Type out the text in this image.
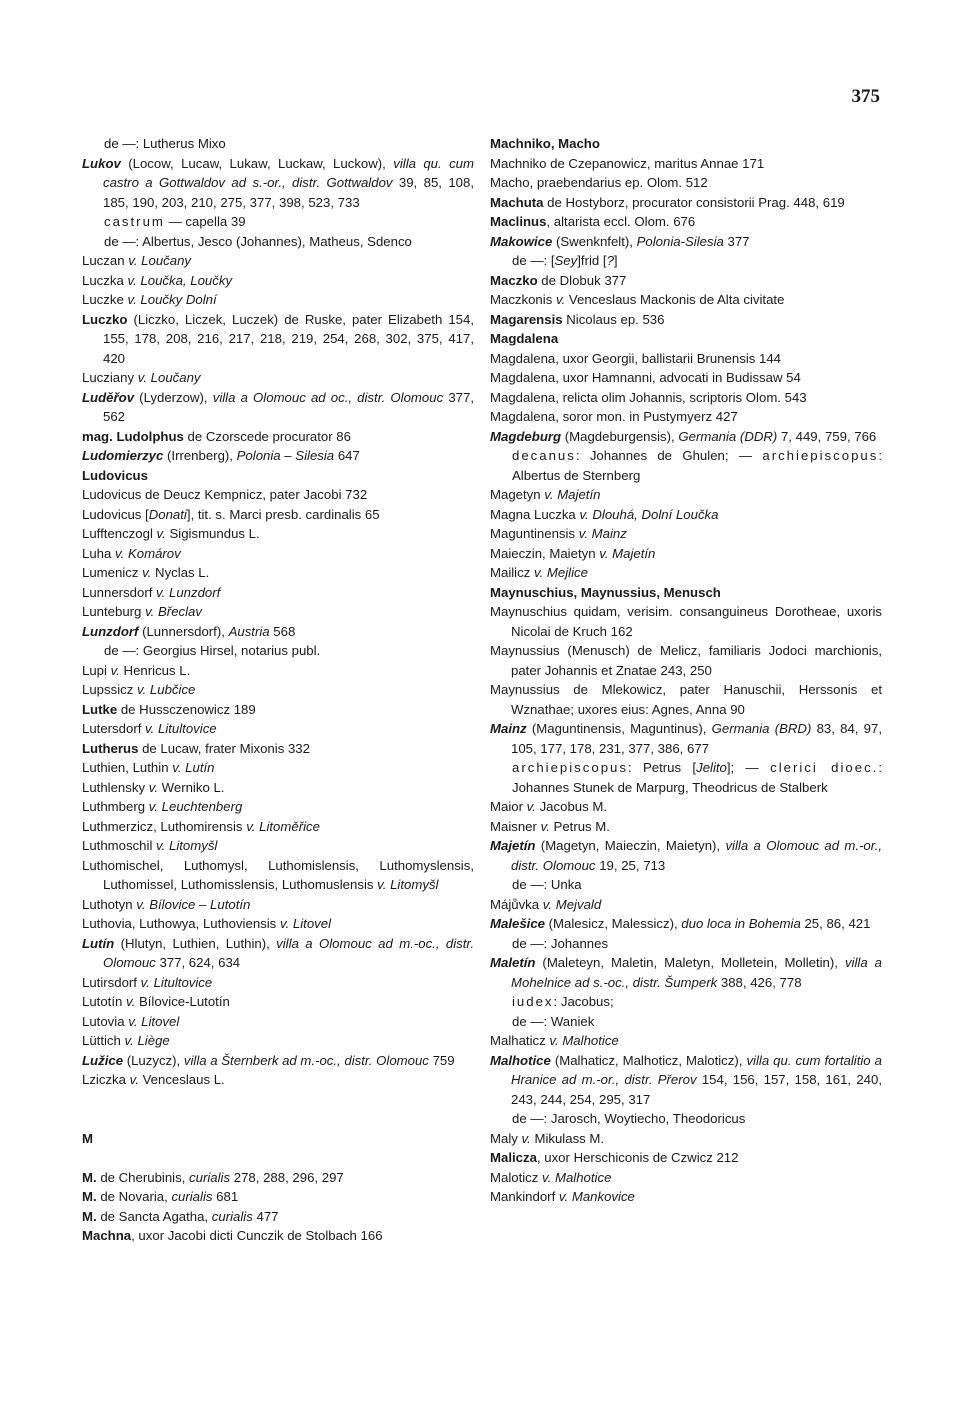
375
de —: Lutherus Mixo
Lukov (Locow, Lucaw, Lukaw, Luckaw, Luckow), villa qu. cum castro a Gottwaldov ad s.-or., distr. Gottwaldov 39, 85, 108, 185, 190, 203, 210, 275, 377, 398, 523, 733
castrum — capella 39
de —: Albertus, Jesco (Johannes), Matheus, Sdenco
Luczan v. Loučany
Luczka v. Loučka, Loučky
Luczke v. Loučky Dolní
Luczko (Liczko, Liczek, Luczek) de Ruske, pater Elizabeth 154, 155, 178, 208, 216, 217, 218, 219, 254, 268, 302, 375, 417, 420
Lucziany v. Loučany
Luděřov (Lyderzow), villa a Olomouc ad oc., distr. Olomouc 377, 562
mag. Ludolphus de Czorscede procurator 86
Ludomierzyc (Irrenberg), Polonia – Silesia 647
Ludovicus
Ludovicus de Deucz Kempnicz, pater Jacobi 732
Ludovicus [Donati], tit. s. Marci presb. cardinalis 65
Lufftenczogl v. Sigismundus L.
Luha v. Komárov
Lumenicz v. Nyclas L.
Lunnersdorf v. Lunzdorf
Lunteburg v. Břeclav
Lunzdorf (Lunnersdorf), Austria 568
de —: Georgius Hirsel, notarius publ.
Lupi v. Henricus L.
Lupssicz v. Lubčice
Lutke de Hussczenowicz 189
Lutersdorf v. Litultovice
Lutherus de Lucaw, frater Mixonis 332
Luthien, Luthin v. Lutín
Luthlensky v. Werniko L.
Luthmberg v. Leuchtenberg
Luthmerzicz, Luthomirensis v. Litoměřice
Luthmoschil v. Litomyšl
Luthomischel, Luthomysl, Luthomislensis, Luthomyslensis, Luthomissel, Luthomisslensis, Luthomuslensis v. Litomyšl
Luthotyn v. Bílovice – Lutotín
Luthovia, Luthowya, Luthoviensis v. Litovel
Lutín (Hlutyn, Luthien, Luthin), villa a Olomouc ad m.-oc., distr. Olomouc 377, 624, 634
Lutirsdorf v. Litultovice
Lutotín v. Bílovice-Lutotín
Lutovia v. Litovel
Lüttich v. Liège
Lužice (Luzycz), villa a Šternberk ad m.-oc., distr. Olomouc 759
Lziczka v. Venceslaus L.
M
M. de Cherubinis, curialis 278, 288, 296, 297
M. de Novaria, curialis 681
M. de Sancta Agatha, curialis 477
Machna, uxor Jacobi dicti Cunczik de Stolbach 166
Machniko, Macho
Machniko de Czepanowicz, maritus Annae 171
Macho, praebendarius ep. Olom. 512
Machuta de Hostyborz, procurator consistorii Prag. 448, 619
Maclinus, altarista eccl. Olom. 676
Makowice (Swenknfelt), Polonia-Silesia 377
de —: [Sey]frid [?]
Maczko de Dlobuk 377
Maczkonis v. Venceslaus Mackonis de Alta civitate
Magarensis Nicolaus ep. 536
Magdalena
Magdalena, uxor Georgii, ballistarii Brunensis 144
Magdalena, uxor Hamnanni, advocati in Budissaw 54
Magdalena, relicta olim Johannis, scriptoris Olom. 543
Magdalena, soror mon. in Pustymyerz 427
Magdeburg (Magdeburgensis), Germania (DDR) 7, 449, 759, 766
decanus: Johannes de Ghulen; — archiepiscopus: Albertus de Sternberg
Magetyn v. Majetín
Magna Luczka v. Dlouhá, Dolní Loučka
Maguntinensis v. Mainz
Maieczin, Maietyn v. Majetín
Mailicz v. Mejlice
Maynuschius, Maynussius, Menusch
Maynuschius quidam, verisim. consanguineus Dorotheae, uxoris Nicolai de Kruch 162
Maynussius (Menusch) de Melicz, familiaris Jodoci marchionis, pater Johannis et Znatae 243, 250
Maynussius de Mlekowicz, pater Hanuschii, Herssonis et Wznathae; uxores eius: Agnes, Anna 90
Mainz (Maguntinensis, Maguntinus), Germania (BRD) 83, 84, 97, 105, 177, 178, 231, 377, 386, 677
archiepiscopus: Petrus [Jelito]; — clerici dioec.: Johannes Stunek de Marpurg, Theodricus de Stalberk
Maior v. Jacobus M.
Maisner v. Petrus M.
Majetín (Magetyn, Maieczin, Maietyn), villa a Olomouc ad m.-or., distr. Olomouc 19, 25, 713
de —: Unka
Májůvka v. Mejvald
Malešice (Malesicz, Malessicz), duo loca in Bohemia 25, 86, 421
de —: Johannes
Maletín (Maleteyn, Maletin, Maletyn, Molletein, Molletin), villa a Mohelnice ad s.-oc., distr. Šumperk 388, 426, 778
iudex: Jacobus;
de —: Waniek
Malhaticz v. Malhotice
Malhotice (Malhaticz, Malhoticz, Maloticz), villa qu. cum fortalitio a Hranice ad m.-or., distr. Přerov 154, 156, 157, 158, 161, 240, 243, 244, 254, 295, 317
de —: Jarosch, Woytiecho, Theodoricus
Maly v. Mikulass M.
Malicza, uxor Herschiconis de Czwicz 212
Maloticz v. Malhotice
Mankindorf v. Mankovice
